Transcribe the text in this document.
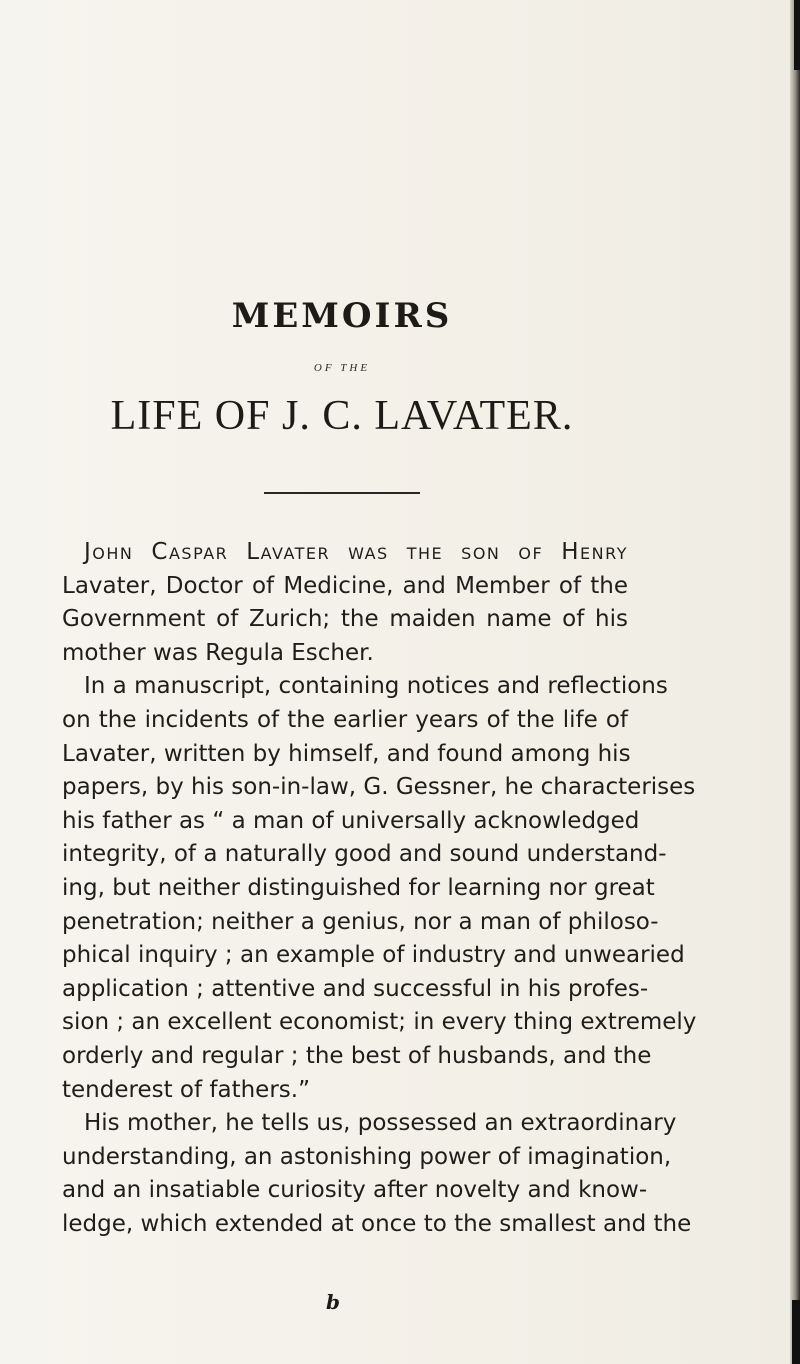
MEMOIRS
OF THE
LIFE OF J. C. LAVATER.
John Caspar Lavater was the son of Henry
Lavater, Doctor of Medicine, and Member of the
Government of Zurich; the maiden name of his
mother was Regula Escher.
In a manuscript, containing notices and reflections
on the incidents of the earlier years of the life of
Lavater, written by himself, and found among his
papers, by his son-in-law, G. Gessner, he characterises
his father as “ a man of universally acknowledged
integrity, of a naturally good and sound understand-
ing, but neither distinguished for learning nor great
penetration; neither a genius, nor a man of philoso-
phical inquiry ; an example of industry and unwearied
application ; attentive and successful in his profes-
sion ; an excellent economist; in every thing extremely
orderly and regular ; the best of husbands, and the
tenderest of fathers.”
His mother, he tells us, possessed an extraordinary
understanding, an astonishing power of imagination,
and an insatiable curiosity after novelty and know-
ledge, which extended at once to the smallest and the
b
